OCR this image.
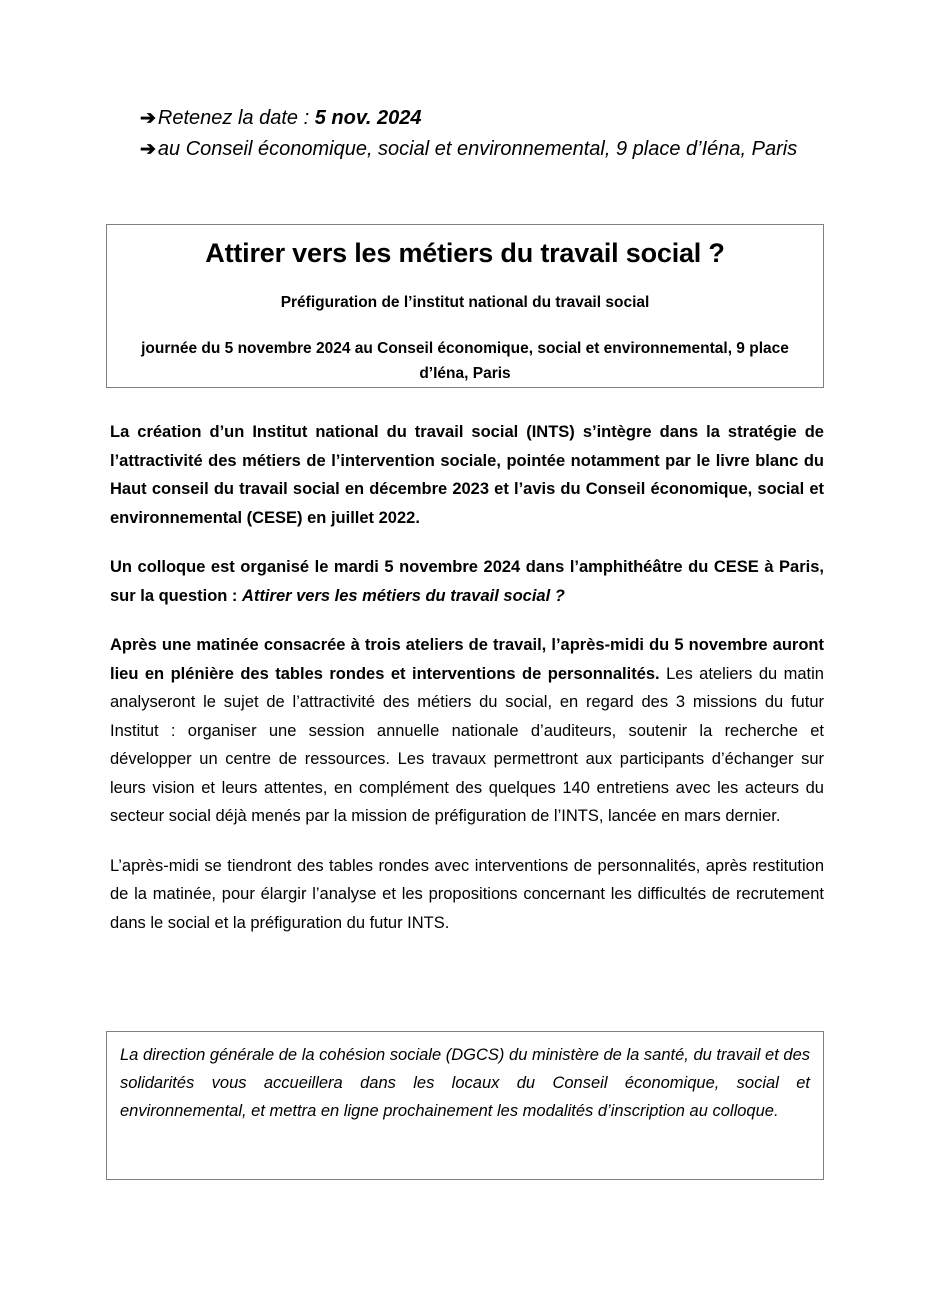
➔ Retenez la date : 5 nov. 2024
➔ au Conseil économique, social et environnemental, 9 place d’Iéna, Paris
Attirer vers les métiers du travail social ?
Préfiguration de l’institut national du travail social
journée du 5 novembre 2024 au Conseil économique, social et environnemental, 9 place d’Iéna, Paris

La création d’un Institut national du travail social (INTS) s’intègre dans la stratégie de l’attractivité des métiers de l’intervention sociale, pointée notamment par le livre blanc du Haut conseil du travail social en décembre 2023 et l’avis du Conseil économique, social et environnemental (CESE) en juillet 2022.

Un colloque est organisé le mardi 5 novembre 2024 dans l’amphithéâtre du CESE à Paris, sur la question : Attirer vers les métiers du travail social ?

Après une matinée consacrée à trois ateliers de travail, l’après-midi du 5 novembre auront lieu en plénière des tables rondes et interventions de personnalités. Les ateliers du matin analyseront le sujet de l’attractivité des métiers du social, en regard des 3 missions du futur Institut : organiser une session annuelle nationale d’auditeurs, soutenir la recherche et développer un centre de ressources. Les travaux permettront aux participants d’échanger sur leurs vision et leurs attentes, en complément des quelques 140 entretiens avec les acteurs du secteur social déjà menés par la mission de préfiguration de l’INTS, lancée en mars dernier.

L’après-midi se tiendront des tables rondes avec interventions de personnalités, après restitution de la matinée, pour élargir l’analyse et les propositions concernant les difficultés de recrutement dans le social et la préfiguration du futur INTS.

La direction générale de la cohésion sociale (DGCS) du ministère de la santé, du travail et des solidarités vous accueillera dans les locaux du Conseil économique, social et environnemental, et mettra en ligne prochainement les modalités d’inscription au colloque.
